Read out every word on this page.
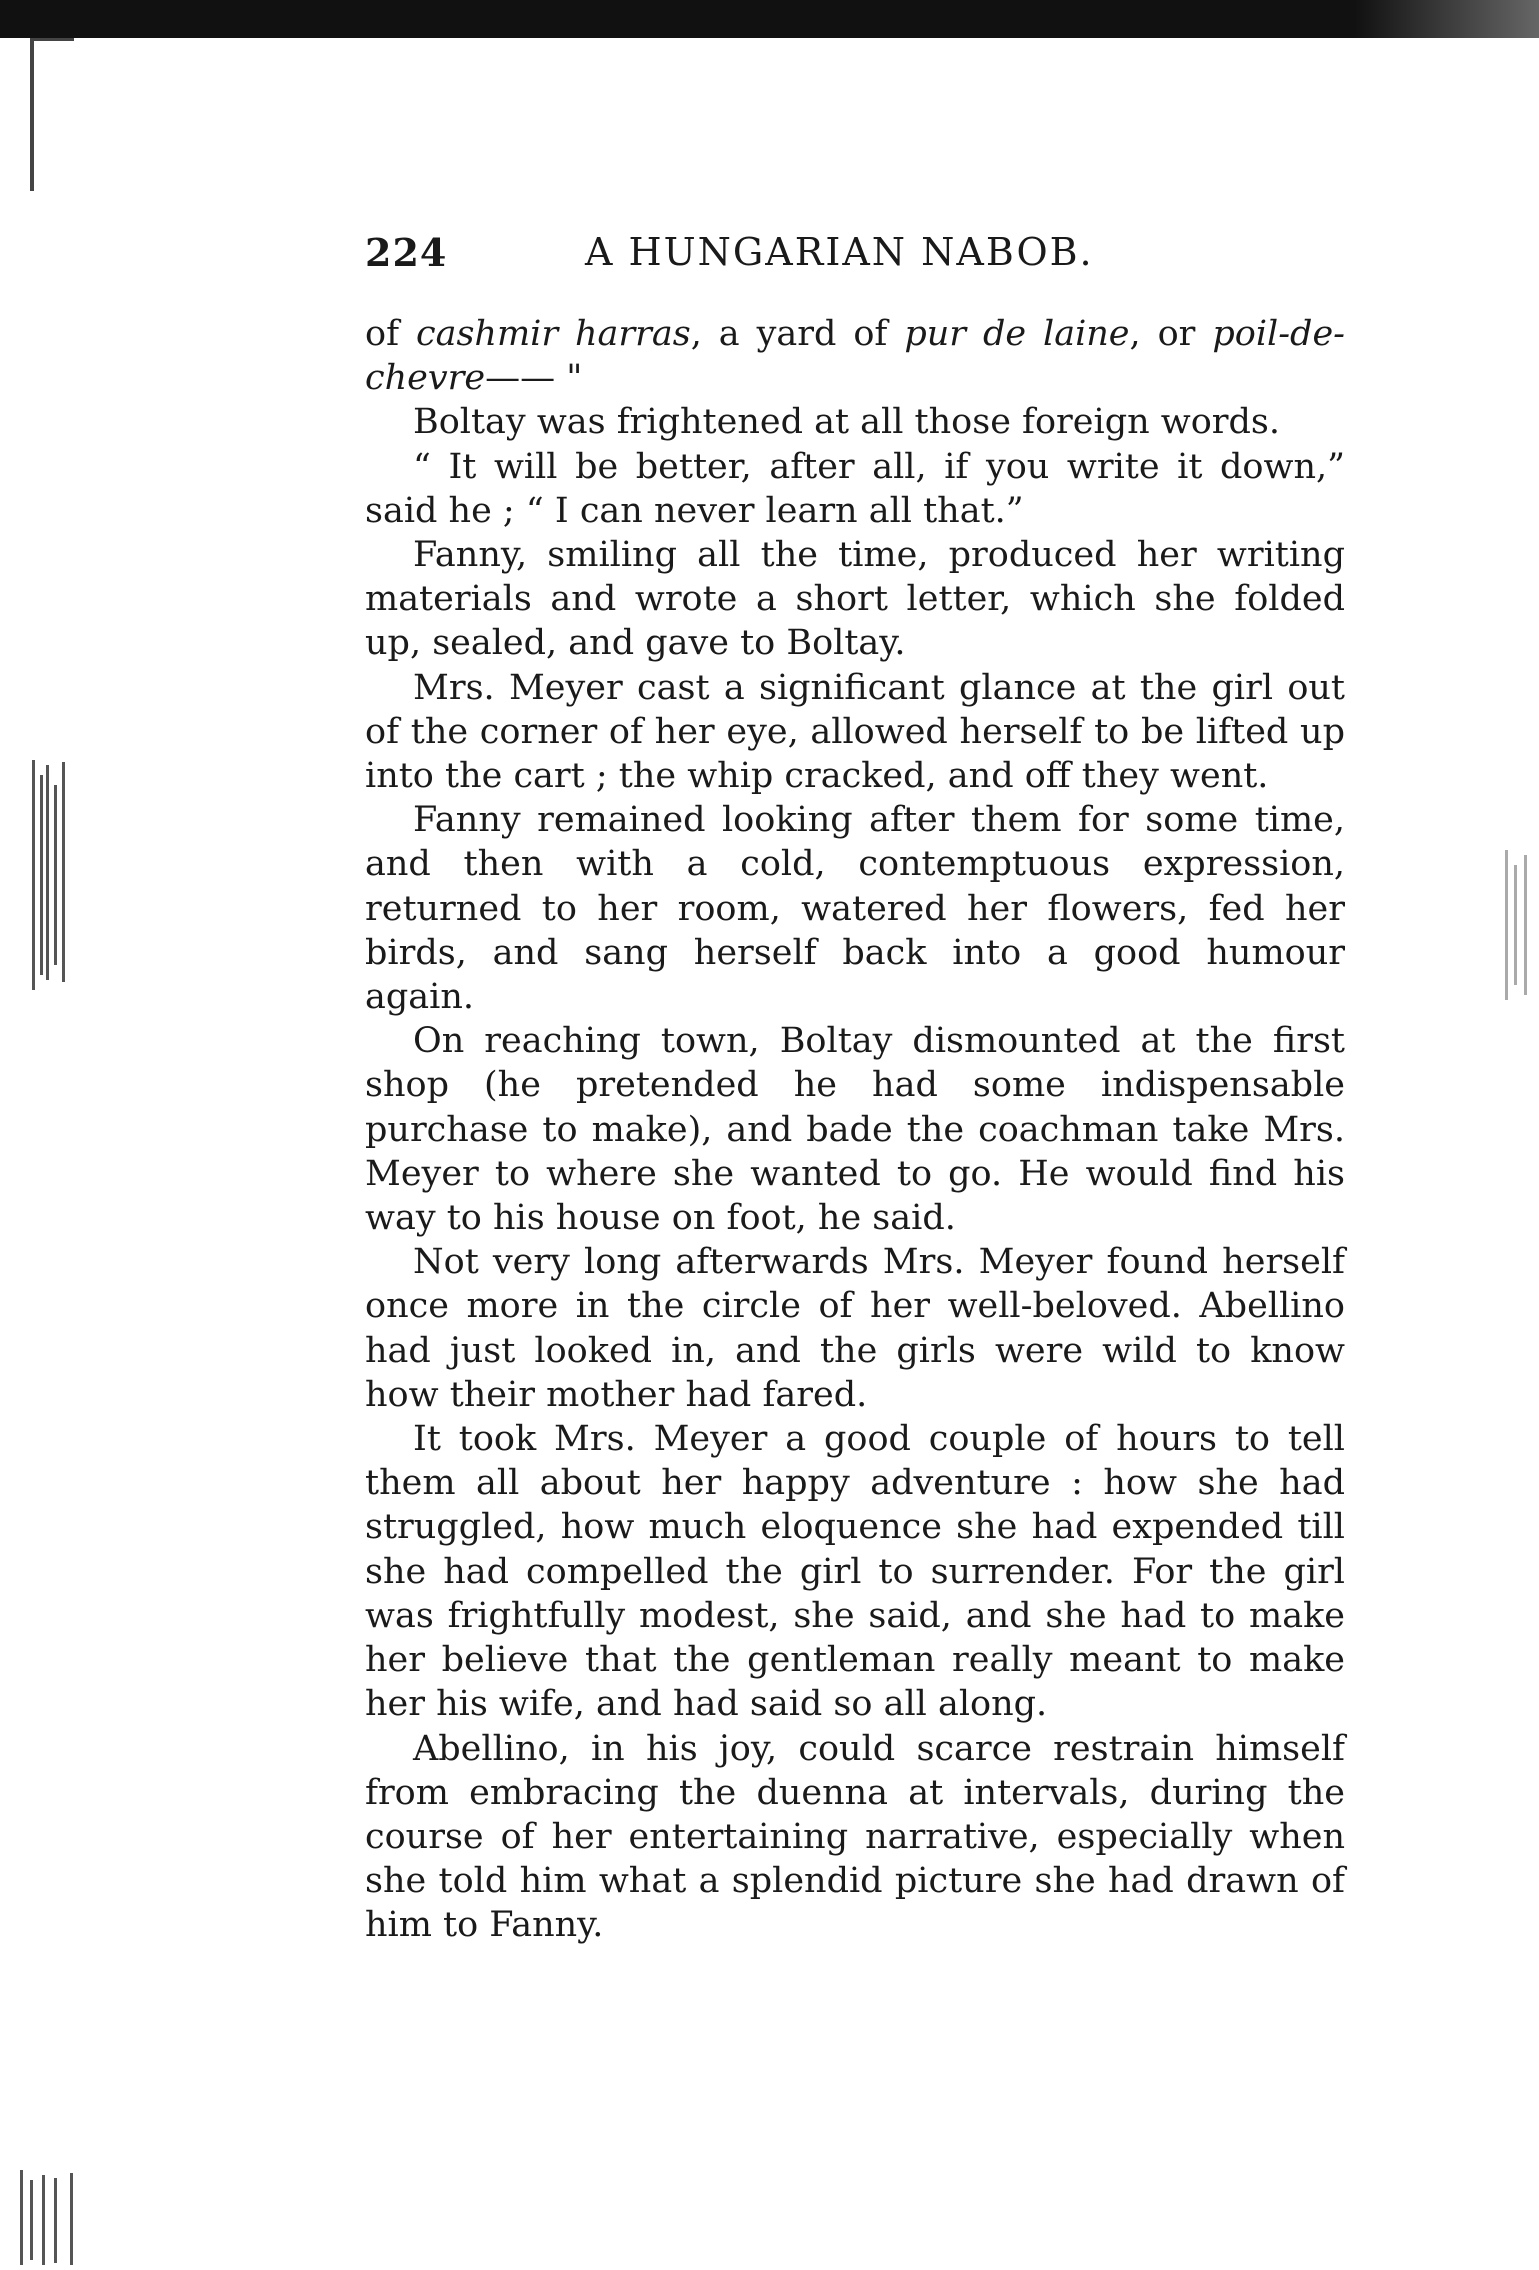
224	A HUNGARIAN NABOB.

of cashmir harras, a yard of pur de laine, or poil-de-chevre—— "

Boltay was frightened at all those foreign words.

“ It will be better, after all, if you write it down,” said he ; “ I can never learn all that.”

Fanny, smiling all the time, produced her writing materials and wrote a short letter, which she folded up, sealed, and gave to Boltay.

Mrs. Meyer cast a significant glance at the girl out of the corner of her eye, allowed herself to be lifted up into the cart ; the whip cracked, and off they went.

Fanny remained looking after them for some time, and then with a cold, contemptuous expression, returned to her room, watered her flowers, fed her birds, and sang herself back into a good humour again.

On reaching town, Boltay dismounted at the first shop (he pretended he had some indispensable purchase to make), and bade the coachman take Mrs. Meyer to where she wanted to go. He would find his way to his house on foot, he said.

Not very long afterwards Mrs. Meyer found herself once more in the circle of her well-beloved. Abellino had just looked in, and the girls were wild to know how their mother had fared.

It took Mrs. Meyer a good couple of hours to tell them all about her happy adventure : how she had struggled, how much eloquence she had expended till she had compelled the girl to surrender. For the girl was frightfully modest, she said, and she had to make her believe that the gentleman really meant to make her his wife, and had said so all along.

Abellino, in his joy, could scarce restrain himself from embracing the duenna at intervals, during the course of her entertaining narrative, especially when she told him what a splendid picture she had drawn of him to Fanny.
